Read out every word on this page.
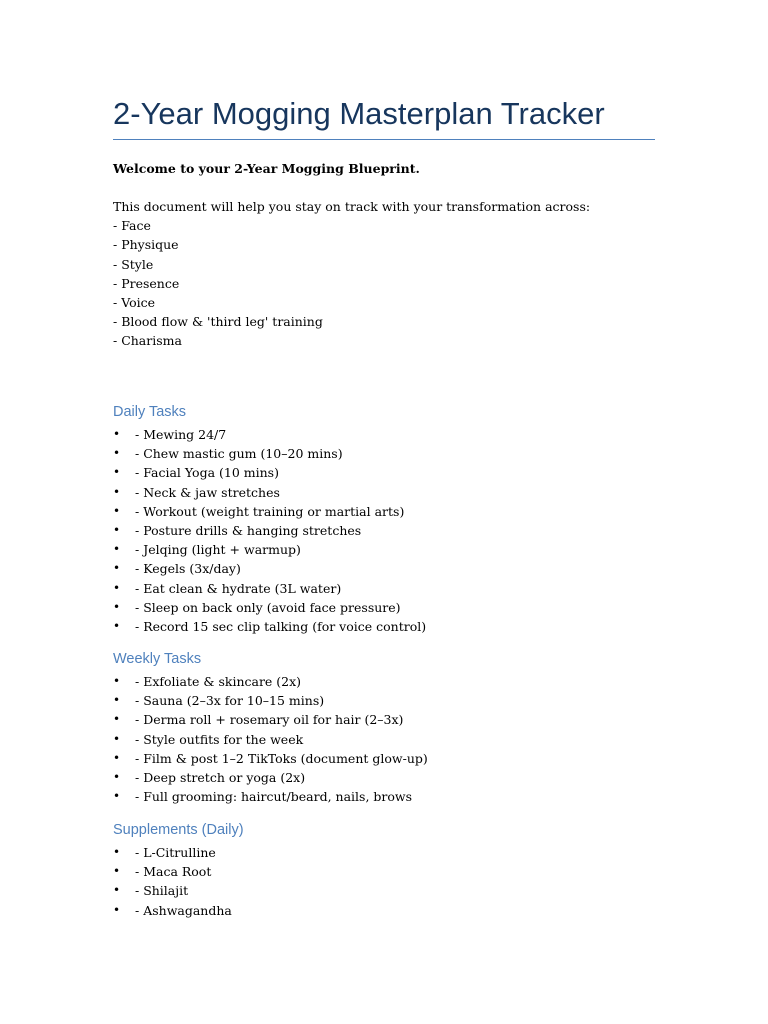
2-Year Mogging Masterplan Tracker
Welcome to your 2-Year Mogging Blueprint.
This document will help you stay on track with your transformation across:
- Face
- Physique
- Style
- Presence
- Voice
- Blood flow & 'third leg' training
- Charisma
Daily Tasks
• - Mewing 24/7
• - Chew mastic gum (10–20 mins)
• - Facial Yoga (10 mins)
• - Neck & jaw stretches
• - Workout (weight training or martial arts)
• - Posture drills & hanging stretches
• - Jelqing (light + warmup)
• - Kegels (3x/day)
• - Eat clean & hydrate (3L water)
• - Sleep on back only (avoid face pressure)
• - Record 15 sec clip talking (for voice control)
Weekly Tasks
• - Exfoliate & skincare (2x)
• - Sauna (2–3x for 10–15 mins)
• - Derma roll + rosemary oil for hair (2–3x)
• - Style outfits for the week
• - Film & post 1–2 TikToks (document glow-up)
• - Deep stretch or yoga (2x)
• - Full grooming: haircut/beard, nails, brows
Supplements (Daily)
• - L-Citrulline
• - Maca Root
• - Shilajit
• - Ashwagandha
